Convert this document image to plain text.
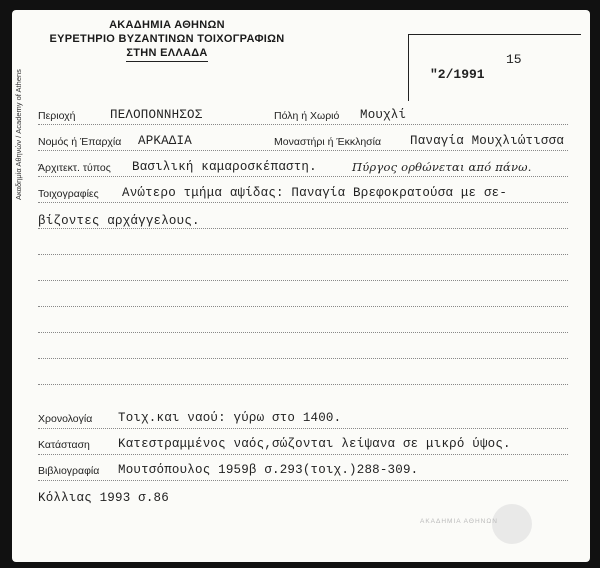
ΑΚΑΔΗΜΙΑ ΑΘΗΝΩΝ
ΕΥΡΕΤΗΡΙΟ ΒΥΖΑΝΤΙΝΩΝ ΤΟΙΧΟΓΡΑΦΙΩΝ
ΣΤΗΝ ΕΛΛΑΔΑ
Ακαδημία Αθηνών / Academy of Athens
15
"2/1991
Περιοχή	ΠΕΛΟΠΟΝΝΗΣΟΣ	Πόλη ή Χωριό Μουχλί
Νομός ή Έπαρχία ΑΡΚΑΔΙΑ	Μοναστήρι ή Έκκλησία Παναγία Μουχλιώτισσα
Άρχιτεκτ. τύπος Βασιλική καμαροσκέπαστη.	Πύργος ορθώνεται από πάνω.
Τοιχογραφίες Ανώτερο τμήμα αψίδας: Παναγία Βρεφοκρατούσα με σε-
βίζοντες αρχάγγελους.
Χρονολογία Τοιχ.και ναού: γύρω στο 1400.
Κατάσταση Κατεστραμμένος ναός,σώζονται λείψανα σε μικρό ύψος.
Βιβλιογραφία Μουτσόπουλος 1959β σ.293(τοιχ.)288-309.
Κόλλιας 1993 σ.86
ΑΚΑΔΗΜΙΑ ΑΘΗΝΩΝ
